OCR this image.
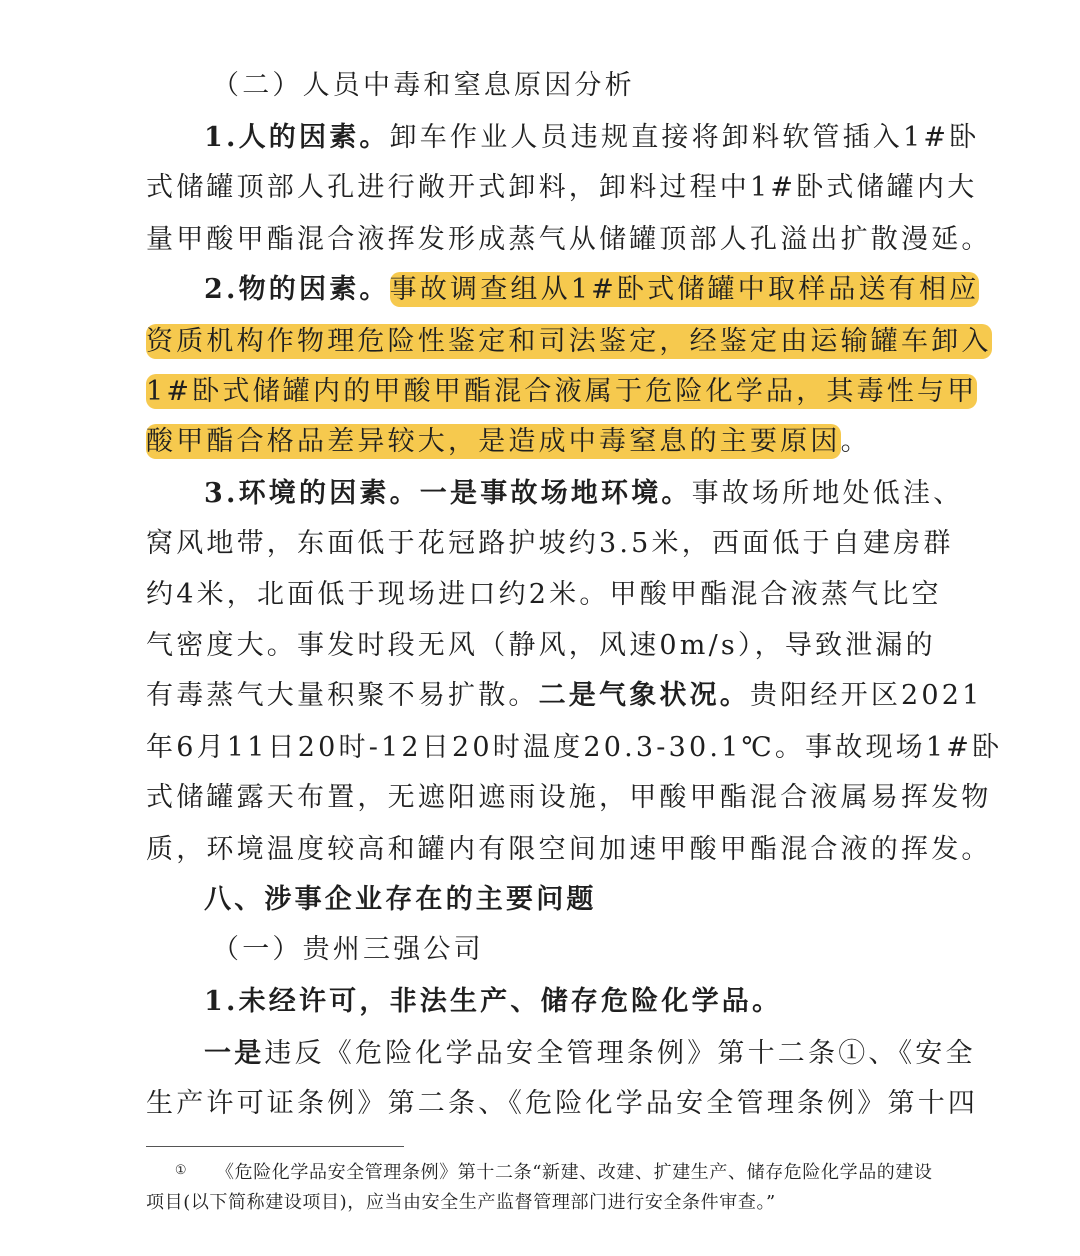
（二）人员中毒和窒息原因分析
1.人的因素。卸车作业人员违规直接将卸料软管插入1#卧
式储罐顶部人孔进行敞开式卸料，卸料过程中1#卧式储罐内大
量甲酸甲酯混合液挥发形成蒸气从储罐顶部人孔溢出扩散漫延。
2.物的因素。事故调查组从1#卧式储罐中取样品送有相应
资质机构作物理危险性鉴定和司法鉴定，经鉴定由运输罐车卸入
1#卧式储罐内的甲酸甲酯混合液属于危险化学品，其毒性与甲
酸甲酯合格品差异较大，是造成中毒窒息的主要原因。
3.环境的因素。一是事故场地环境。事故场所地处低洼、
窝风地带，东面低于花冠路护坡约3.5米，西面低于自建房群
约4米，北面低于现场进口约2米。甲酸甲酯混合液蒸气比空
气密度大。事发时段无风（静风，风速0m/s），导致泄漏的
有毒蒸气大量积聚不易扩散。二是气象状况。贵阳经开区2021
年6月11日20时-12日20时温度20.3-30.1℃。事故现场1#卧
式储罐露天布置，无遮阳遮雨设施，甲酸甲酯混合液属易挥发物
质，环境温度较高和罐内有限空间加速甲酸甲酯混合液的挥发。
八、涉事企业存在的主要问题
（一）贵州三强公司
1.未经许可，非法生产、储存危险化学品。
一是违反《危险化学品安全管理条例》第十二条①、《安全
生产许可证条例》第二条、《危险化学品安全管理条例》第十四
① 《危险化学品安全管理条例》第十二条“新建、改建、扩建生产、储存危险化学品的建设
项目(以下简称建设项目)，应当由安全生产监督管理部门进行安全条件审查。”
